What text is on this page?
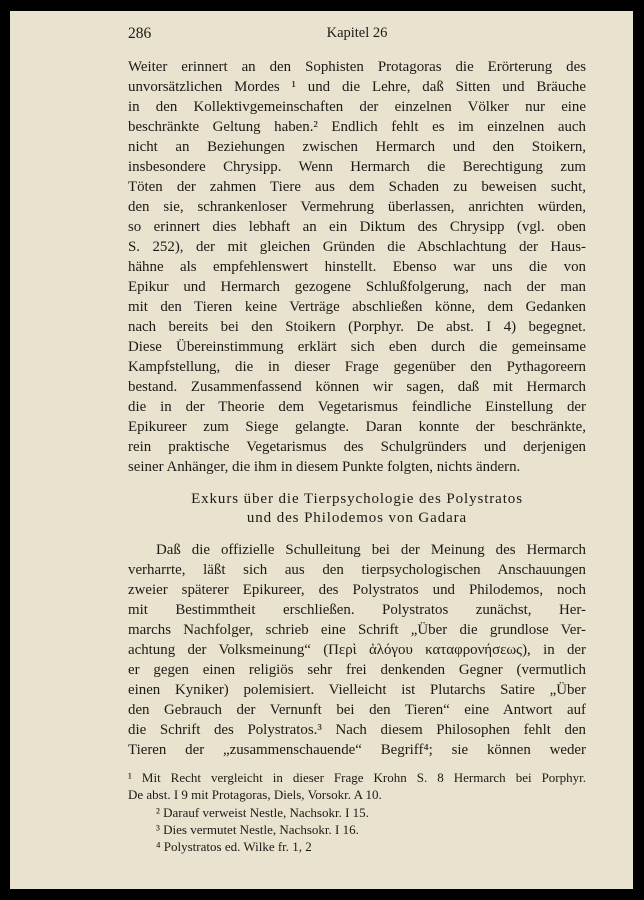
286	Kapitel 26
Weiter erinnert an den Sophisten Protagoras die Erörterung des
unvorsätzlichen Mordes ¹ und die Lehre, daß Sitten und Bräuche
in den Kollektivgemeinschaften der einzelnen Völker nur eine
beschränkte Geltung haben.² Endlich fehlt es im einzelnen auch
nicht an Beziehungen zwischen Hermarch und den Stoikern,
insbesondere Chrysipp. Wenn Hermarch die Berechtigung zum
Töten der zahmen Tiere aus dem Schaden zu beweisen sucht,
den sie, schrankenloser Vermehrung überlassen, anrichten würden,
so erinnert dies lebhaft an ein Diktum des Chrysipp (vgl. oben
S. 252), der mit gleichen Gründen die Abschlachtung der Haus-
hähne als empfehlenswert hinstellt. Ebenso war uns die von
Epikur und Hermarch gezogene Schlußfolgerung, nach der man
mit den Tieren keine Verträge abschließen könne, dem Gedanken
nach bereits bei den Stoikern (Porphyr. De abst. I 4) begegnet.
Diese Übereinstimmung erklärt sich eben durch die gemeinsame
Kampfstellung, die in dieser Frage gegenüber den Pythagoreern
bestand. Zusammenfassend können wir sagen, daß mit Hermarch
die in der Theorie dem Vegetarismus feindliche Einstellung der
Epikureer zum Siege gelangte. Daran konnte der beschränkte,
rein praktische Vegetarismus des Schulgründers und derjenigen
seiner Anhänger, die ihm in diesem Punkte folgten, nichts ändern.
Exkurs über die Tierpsychologie des Polystratos
und des Philodemos von Gadara
Daß die offizielle Schulleitung bei der Meinung des Hermarch
verharrte, läßt sich aus den tierpsychologischen Anschauungen
zweier späterer Epikureer, des Polystratos und Philodemos, noch
mit Bestimmtheit erschließen. Polystratos zunächst, Her-
marchs Nachfolger, schrieb eine Schrift „Über die grundlose Ver-
achtung der Volksmeinung“ (Περὶ ἀλόγου καταφρονήσεως), in der
er gegen einen religiös sehr frei denkenden Gegner (vermutlich
einen Kyniker) polemisiert. Vielleicht ist Plutarchs Satire „Über
den Gebrauch der Vernunft bei den Tieren“ eine Antwort auf
die Schrift des Polystratos.³ Nach diesem Philosophen fehlt den
Tieren der „zusammenschauende“ Begriff⁴; sie können weder
¹ Mit Recht vergleicht in dieser Frage Krohn S. 8 Hermarch bei Porphyr.
De abst. I 9 mit Protagoras, Diels, Vorsokr. A 10.
² Darauf verweist Nestle, Nachsokr. I 15.
³ Dies vermutet Nestle, Nachsokr. I 16.
⁴ Polystratos ed. Wilke fr. 1, 2
